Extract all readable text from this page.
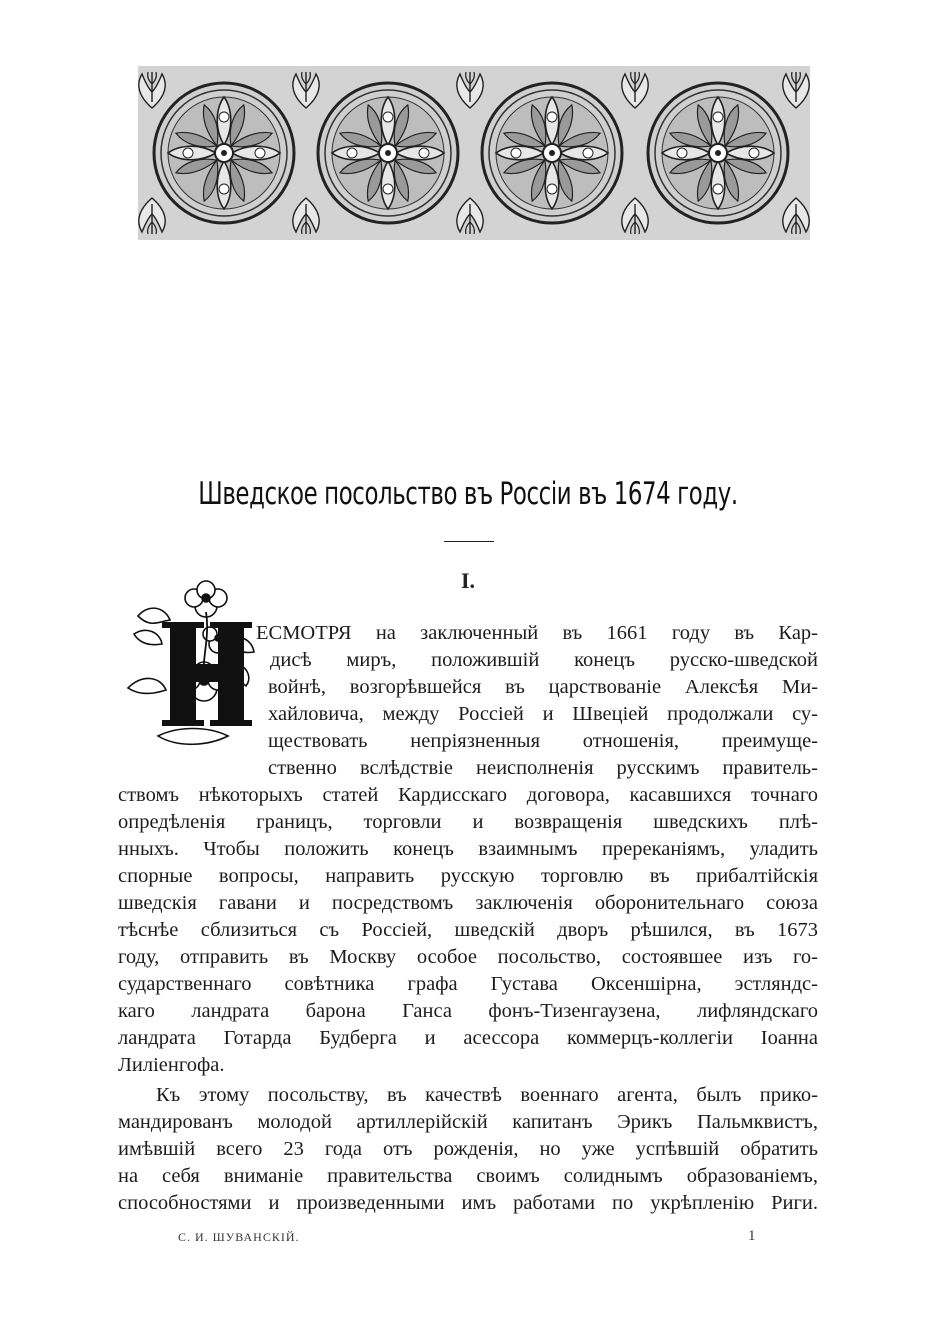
Шведское посольство въ Россіи въ 1674 году.
I.
ЕСМОТРЯ на заключенный въ 1661 году въ Кар-
дисѣ миръ, положившій конецъ русско-шведской
войнѣ, возгорѣвшейся въ царствованіе Алексѣя Ми-
хайловича, между Россіей и Швеціей продолжали су-
ществовать непріязненныя отношенія, преимуще-
ственно вслѣдствіе неисполненія русскимъ правитель-
ствомъ нѣкоторыхъ статей Кардисскаго договора, касавшихся точнаго
опредѣленія границъ, торговли и возвращенія шведскихъ плѣ-
нныхъ. Чтобы положить конецъ взаимнымъ пререканіямъ, уладить
спорные вопросы, направить русскую торговлю въ прибалтійскія
шведскія гавани и посредствомъ заключенія оборонительнаго союза
тѣснѣе сблизиться съ Россіей, шведскій дворъ рѣшился, въ 1673
году, отправить въ Москву особое посольство, состоявшее изъ го-
сударственнаго совѣтника графа Густава Оксеншірна, эстляндс-
каго ландрата барона Ганса фонъ-Тизенгаузена, лифляндскаго
ландрата Готарда Будберга и асессора коммерцъ-коллегіи Іоанна
Лиліенгофа.
Къ этому посольству, въ качествѣ военнаго агента, былъ прико-
мандированъ молодой артиллерійскій капитанъ Эрикъ Пальмквистъ,
имѣвшій всего 23 года отъ рожденія, но уже успѣвшій обратить
на себя вниманіе правительства своимъ солиднымъ образованіемъ,
способностями и произведенными имъ работами по укрѣпленію Риги.
С. И. ШУВАНСКІЙ.	1
